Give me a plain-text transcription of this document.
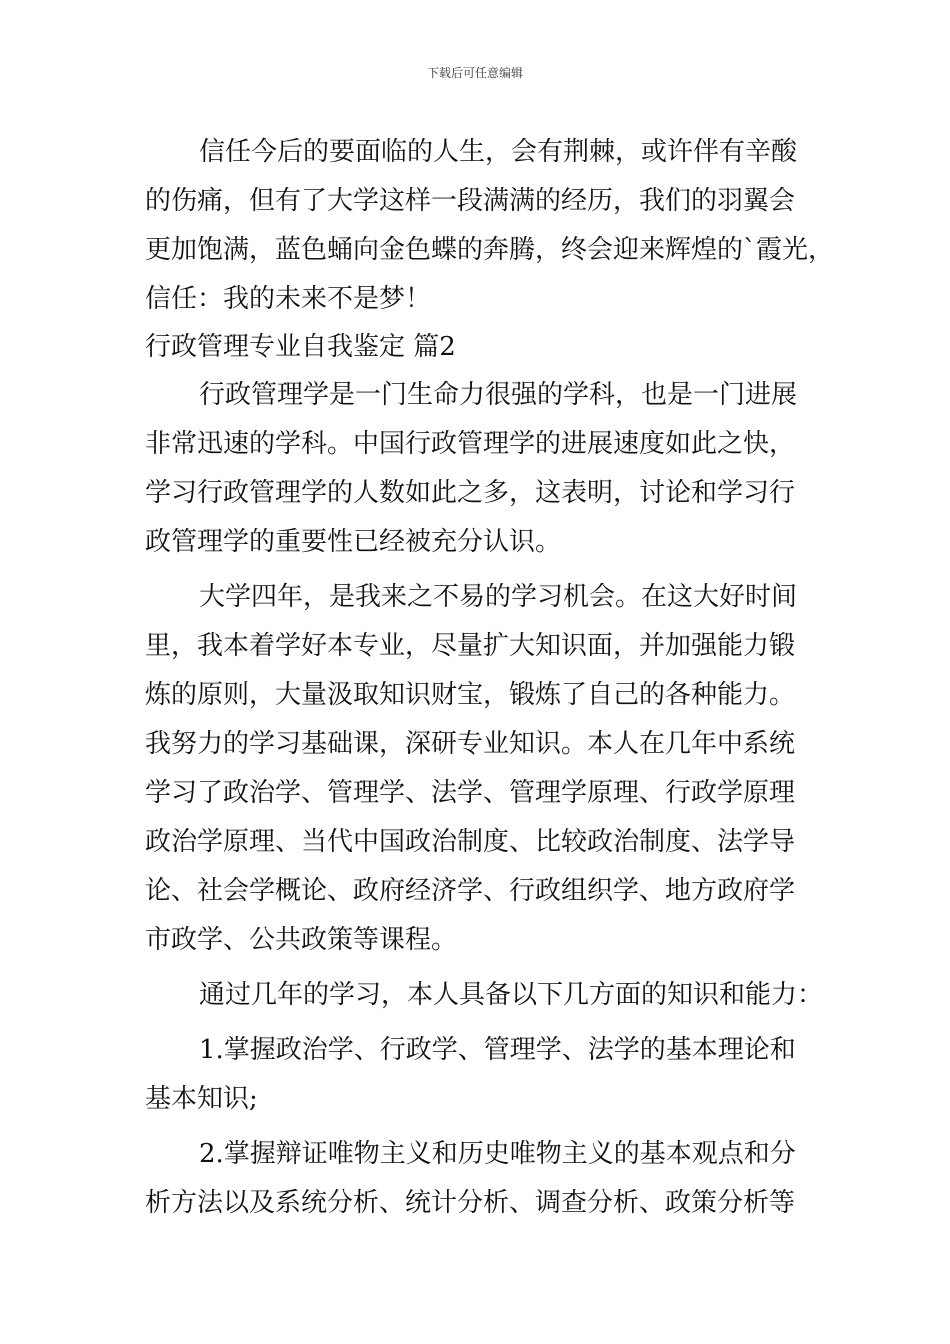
下载后可任意编辑
信任今后的要面临的人生，会有荆棘，或许伴有辛酸
的伤痛，但有了大学这样一段满满的经历，我们的羽翼会
更加饱满，蓝色蛹向金色蝶的奔腾，终会迎来辉煌的`霞光，
信任：我的未来不是梦！
行政管理专业自我鉴定 篇2
行政管理学是一门生命力很强的学科，也是一门进展
非常迅速的学科。中国行政管理学的进展速度如此之快，
学习行政管理学的人数如此之多，这表明，讨论和学习行
政管理学的重要性已经被充分认识。
大学四年，是我来之不易的学习机会。在这大好时间
里，我本着学好本专业，尽量扩大知识面，并加强能力锻
炼的原则，大量汲取知识财宝，锻炼了自己的各种能力。
我努力的学习基础课，深研专业知识。本人在几年中系统
学习了政治学、管理学、法学、管理学原理、行政学原理
政治学原理、当代中国政治制度、比较政治制度、法学导
论、社会学概论、政府经济学、行政组织学、地方政府学
市政学、公共政策等课程。
通过几年的学习，本人具备以下几方面的知识和能力：
1.掌握政治学、行政学、管理学、法学的基本理论和
基本知识;
2.掌握辩证唯物主义和历史唯物主义的基本观点和分
析方法以及系统分析、统计分析、调查分析、政策分析等
